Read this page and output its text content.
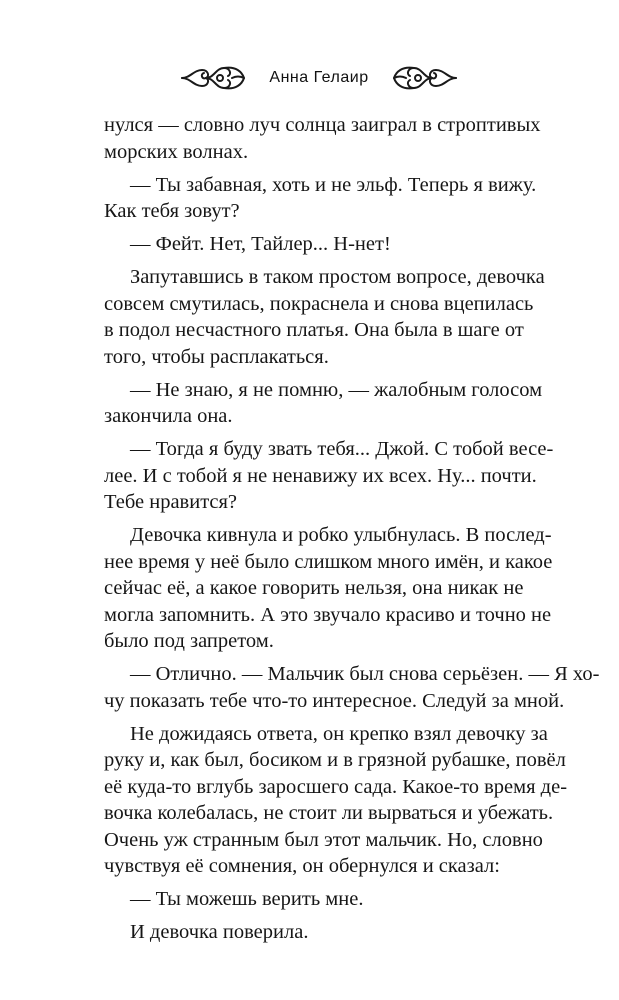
Анна Гелаир
нулся — словно луч солнца заиграл в строптивых
морских волнах.
— Ты забавная, хоть и не эльф. Теперь я вижу.
Как тебя зовут?
— Фейт. Нет, Тайлер... Н-нет!
Запутавшись в таком простом вопросе, девочка
совсем смутилась, покраснела и снова вцепилась
в подол несчастного платья. Она была в шаге от
того, чтобы расплакаться.
— Не знаю, я не помню, — жалобным голосом
закончила она.
— Тогда я буду звать тебя... Джой. С тобой весе-
лее. И с тобой я не ненавижу их всех. Ну... почти.
Тебе нравится?
Девочка кивнула и робко улыбнулась. В послед-
нее время у неё было слишком много имён, и какое
сейчас её, а какое говорить нельзя, она никак не
могла запомнить. А это звучало красиво и точно не
было под запретом.
— Отлично. — Мальчик был снова серьёзен. — Я хо-
чу показать тебе что-то интересное. Следуй за мной.
Не дожидаясь ответа, он крепко взял девочку за
руку и, как был, босиком и в грязной рубашке, повёл
её куда-то вглубь заросшего сада. Какое-то время де-
вочка колебалась, не стоит ли вырваться и убежать.
Очень уж странным был этот мальчик. Но, словно
чувствуя её сомнения, он обернулся и сказал:
— Ты можешь верить мне.
И девочка поверила.
